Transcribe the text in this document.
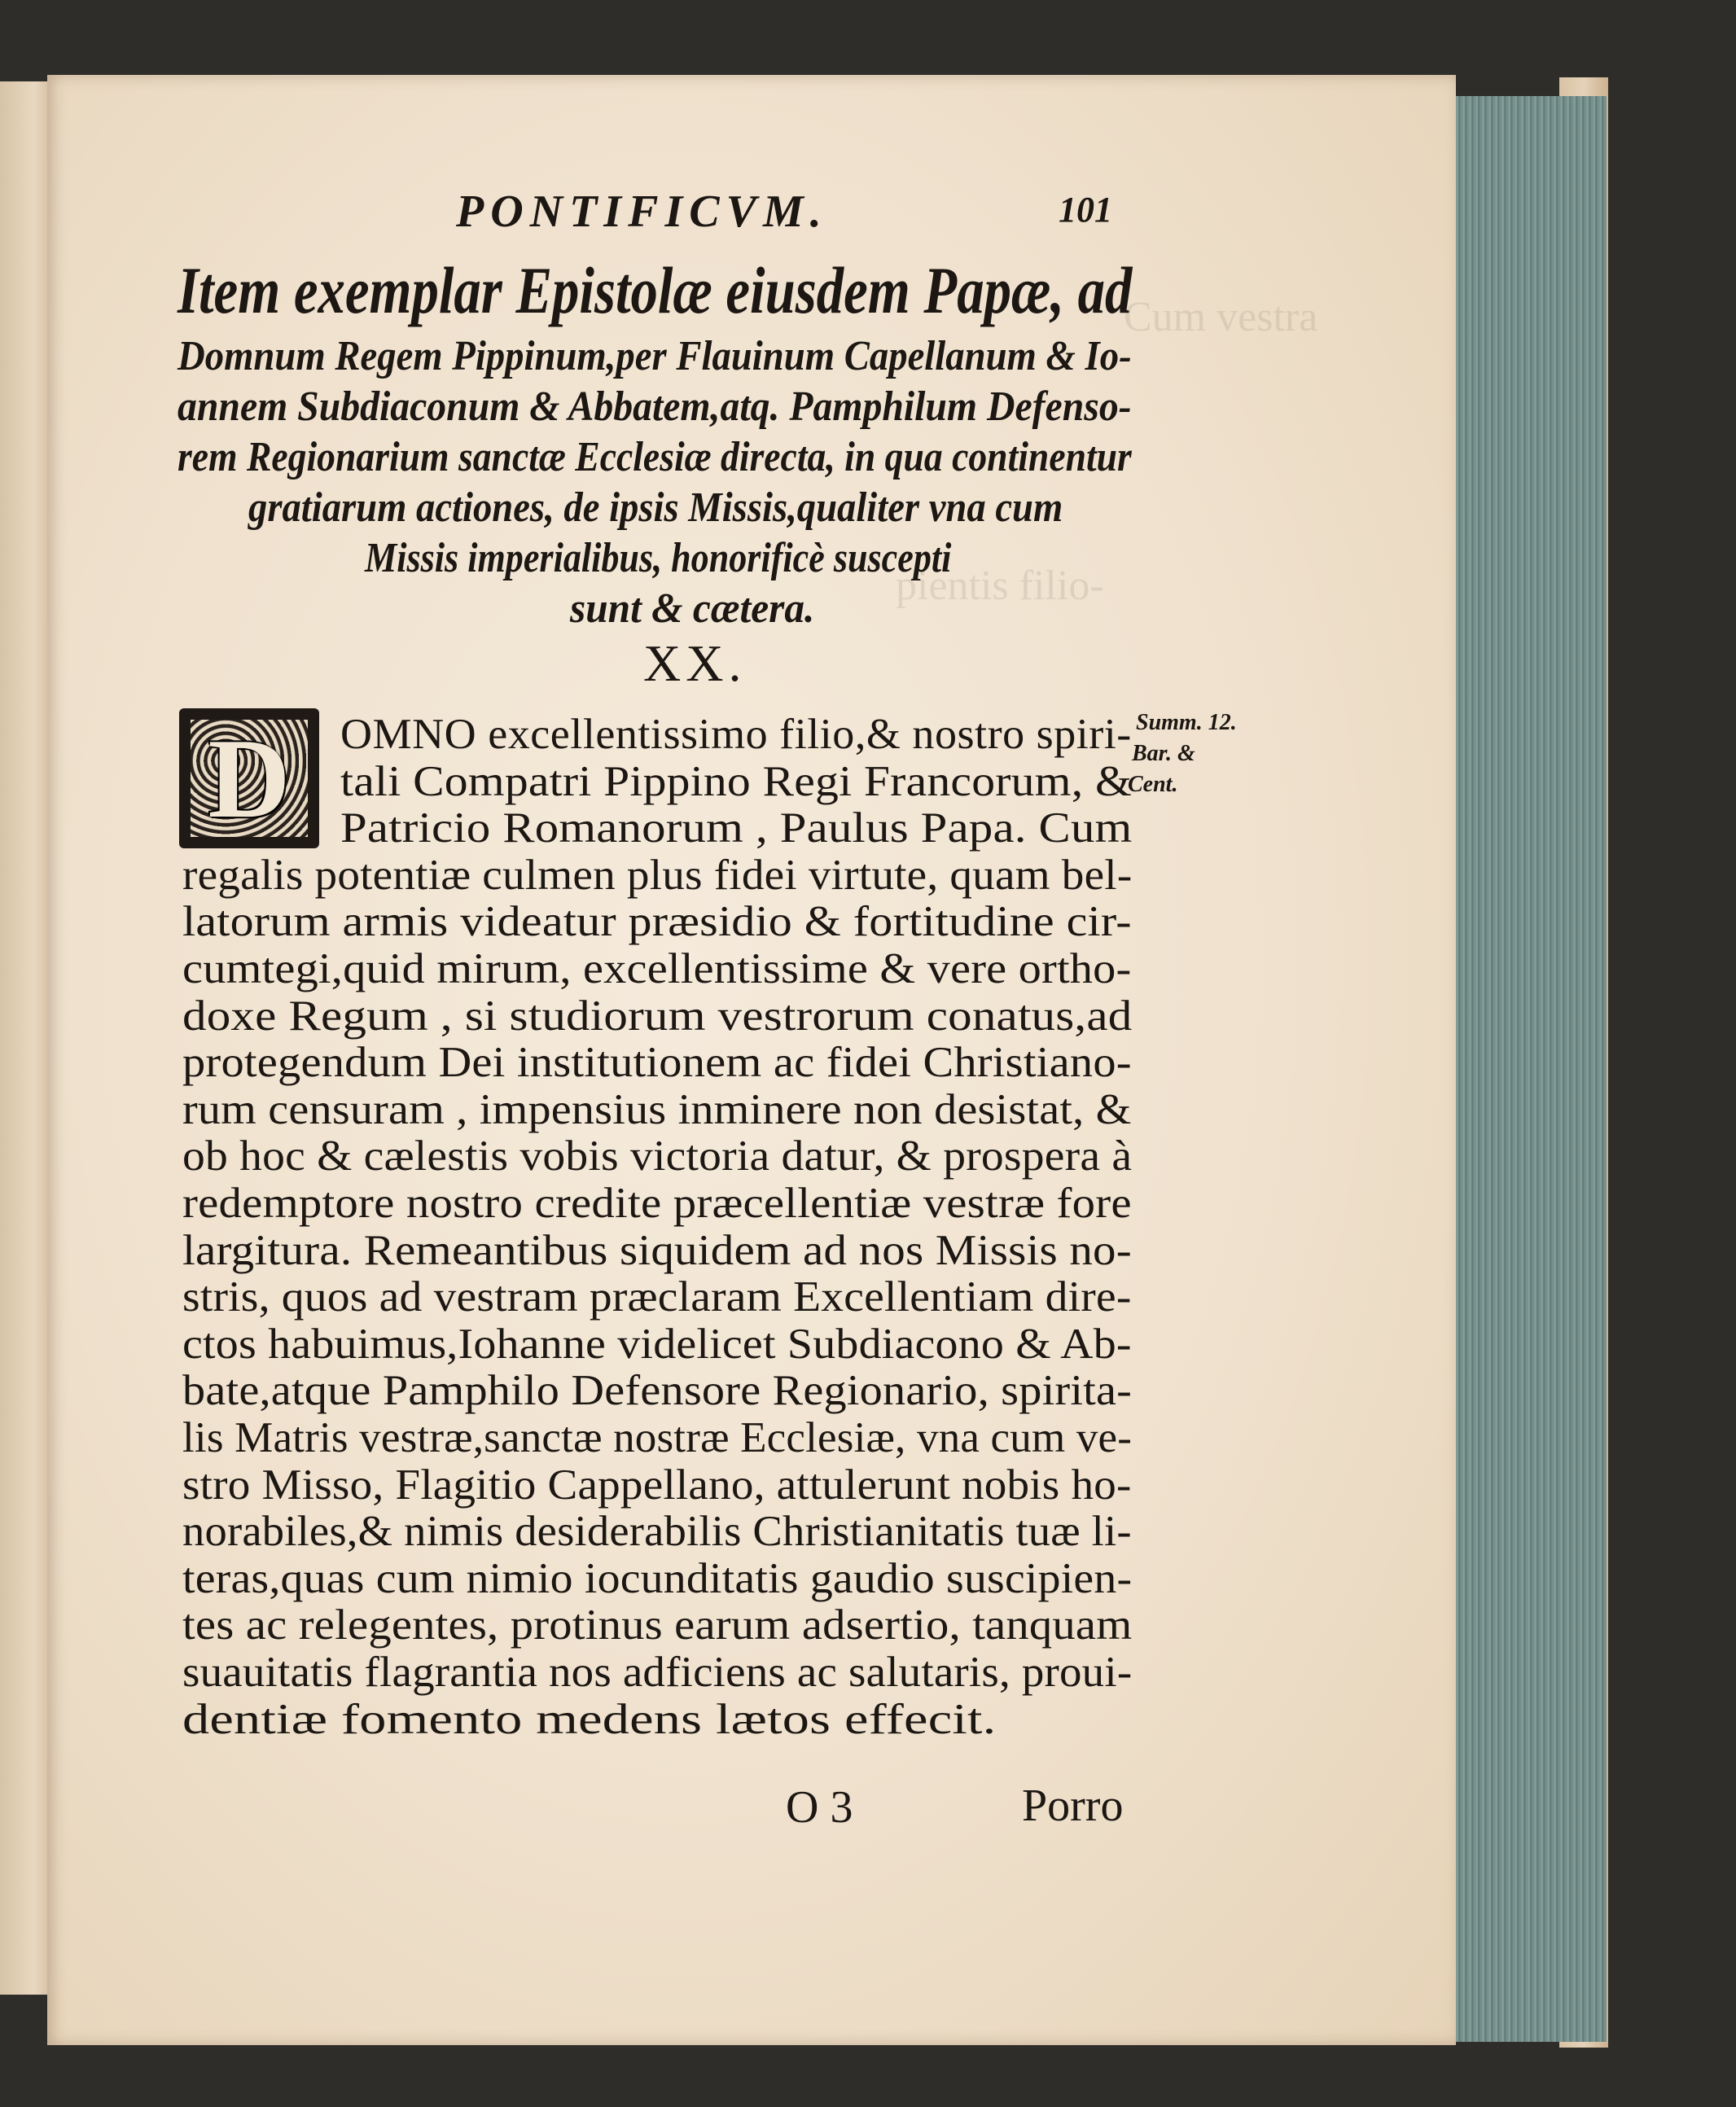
Cum vestra
pientis filio-
PONTIFICVM.	101
Item exemplar Epistolæ eiusdem Papæ, ad
Domnum Regem Pippinum,per Flauinum Capellanum & Io-
annem Subdiaconum & Abbatem,atq. Pamphilum Defenso-
rem Regionarium sanctæ Ecclesiæ directa, in qua continentur
gratiarum actiones, de ipsis Missis,qualiter vna cum
Missis imperialibus, honorificè suscepti
sunt & cætera.
XX.
D	OMNO excellentissimo filio,& nostro spiri-
tali Compatri Pippino Regi Francorum, &
Patricio Romanorum , Paulus Papa. Cum
regalis potentiæ culmen plus fidei virtute, quam bel-
latorum armis videatur præsidio & fortitudine cir-
cumtegi,quid mirum, excellentissime & vere ortho-
doxe Regum , si studiorum vestrorum conatus,ad
protegendum Dei institutionem ac fidei Christiano-
rum censuram , impensius inminere non desistat, &
ob hoc & cælestis vobis victoria datur, & prospera à
redemptore nostro credite præcellentiæ vestræ fore
largitura. Remeantibus siquidem ad nos Missis no-
stris, quos ad vestram præclaram Excellentiam dire-
ctos habuimus,Iohanne videlicet Subdiacono & Ab-
bate,atque Pamphilo Defensore Regionario, spirita-
lis Matris vestræ,sanctæ nostræ Ecclesiæ, vna cum ve-
stro Misso, Flagitio Cappellano, attulerunt nobis ho-
norabiles,& nimis desiderabilis Christianitatis tuæ li-
teras,quas cum nimio iocunditatis gaudio suscipien-
tes ac relegentes, protinus earum adsertio, tanquam
suauitatis flagrantia nos adficiens ac salutaris, proui-
dentiæ fomento medens lætos effecit.
Summ. 12.
Bar. &
Cent.
O 3	Porro
